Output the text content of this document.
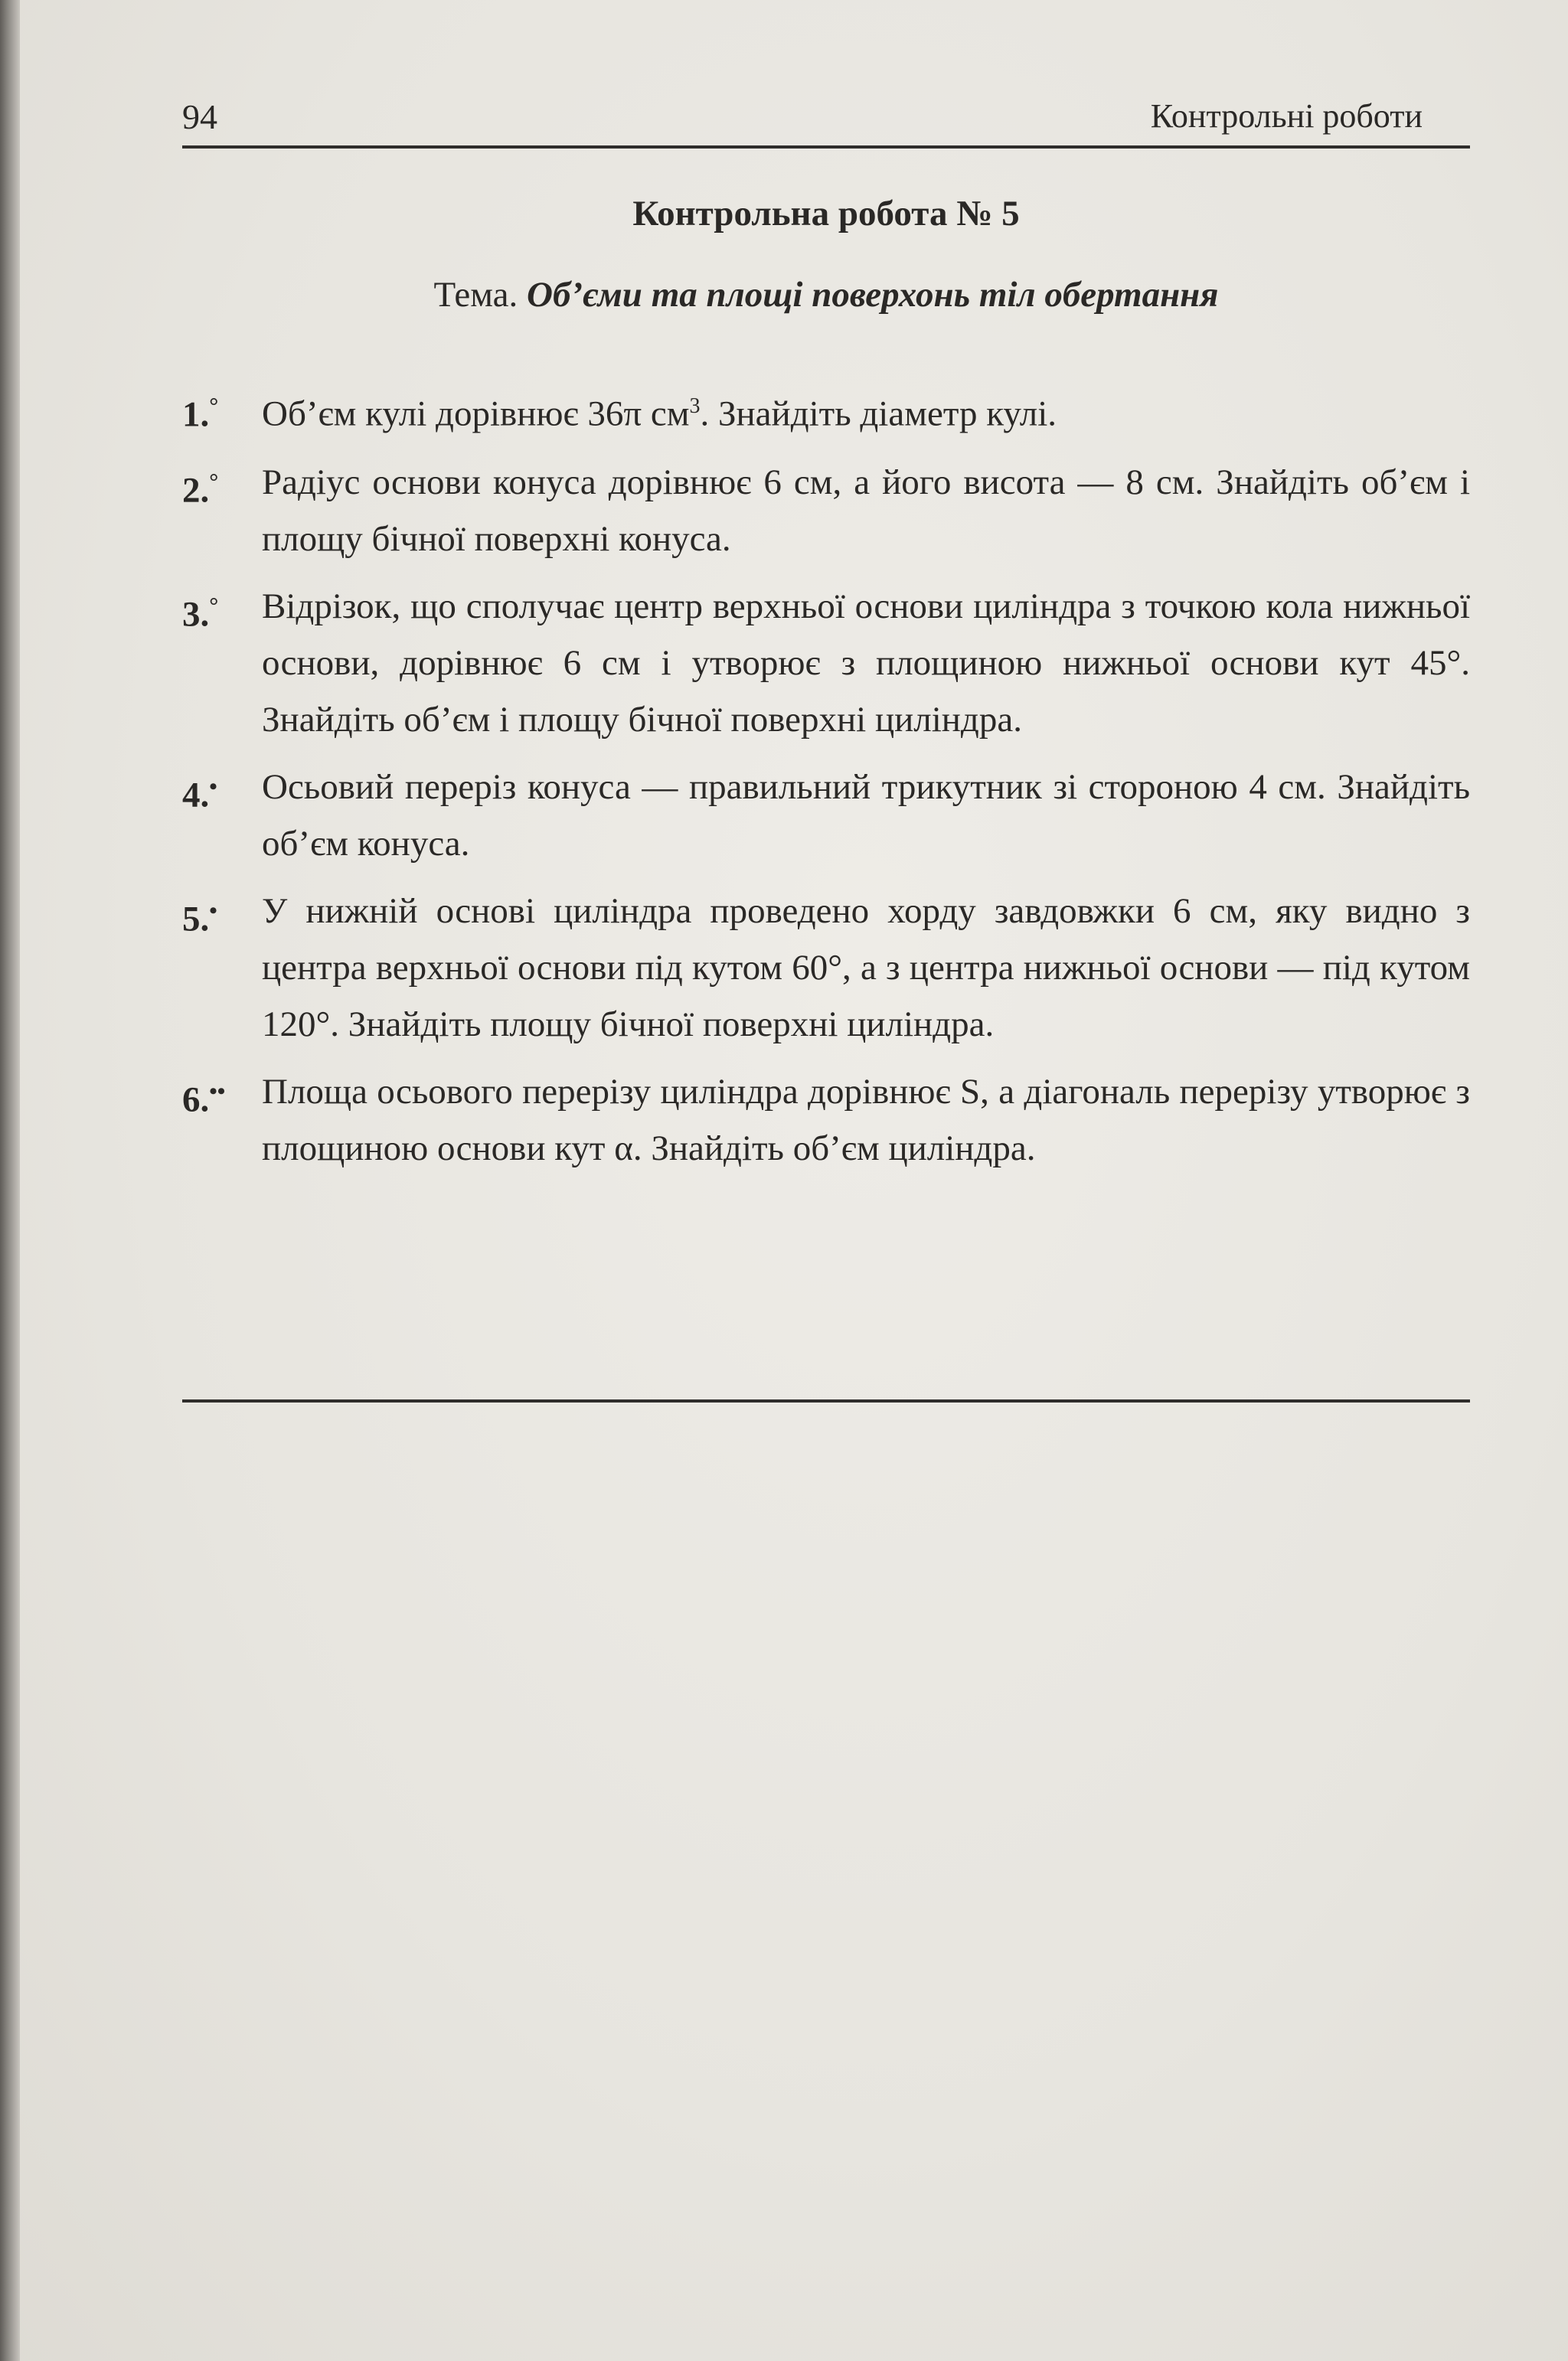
94	Контрольні роботи
Контрольна робота № 5
Тема. Об’єми та площі поверхонь тіл обертання
1.°	Об’єм кулі дорівнює 36π $см^3$. Знайдіть діаметр кулі.

2.°	Радіус основи конуса дорівнює 6 см, а його висота — 8 см. Знайдіть об’єм і площу бічної поверхні конуса.

3.°	Відрізок, що сполучає центр верхньої основи циліндра з точкою кола нижньої основи, дорівнює 6 см і утворює з площиною нижньої основи кут 45°. Знайдіть об’єм і площу бічної поверхні циліндра.

4.•	Осьовий переріз конуса — правильний трикутник зі стороною 4 см. Знайдіть об’єм конуса.

5.•	У нижній основі циліндра проведено хорду завдовжки 6 см, яку видно з центра верхньої основи під кутом 60°, а з центра нижньої основи — під кутом 120°. Знайдіть площу бічної поверхні циліндра.

6.••	Площа осьового перерізу циліндра дорівнює S, а діагональ перерізу утворює з площиною основи кут α. Знайдіть об’єм циліндра.
